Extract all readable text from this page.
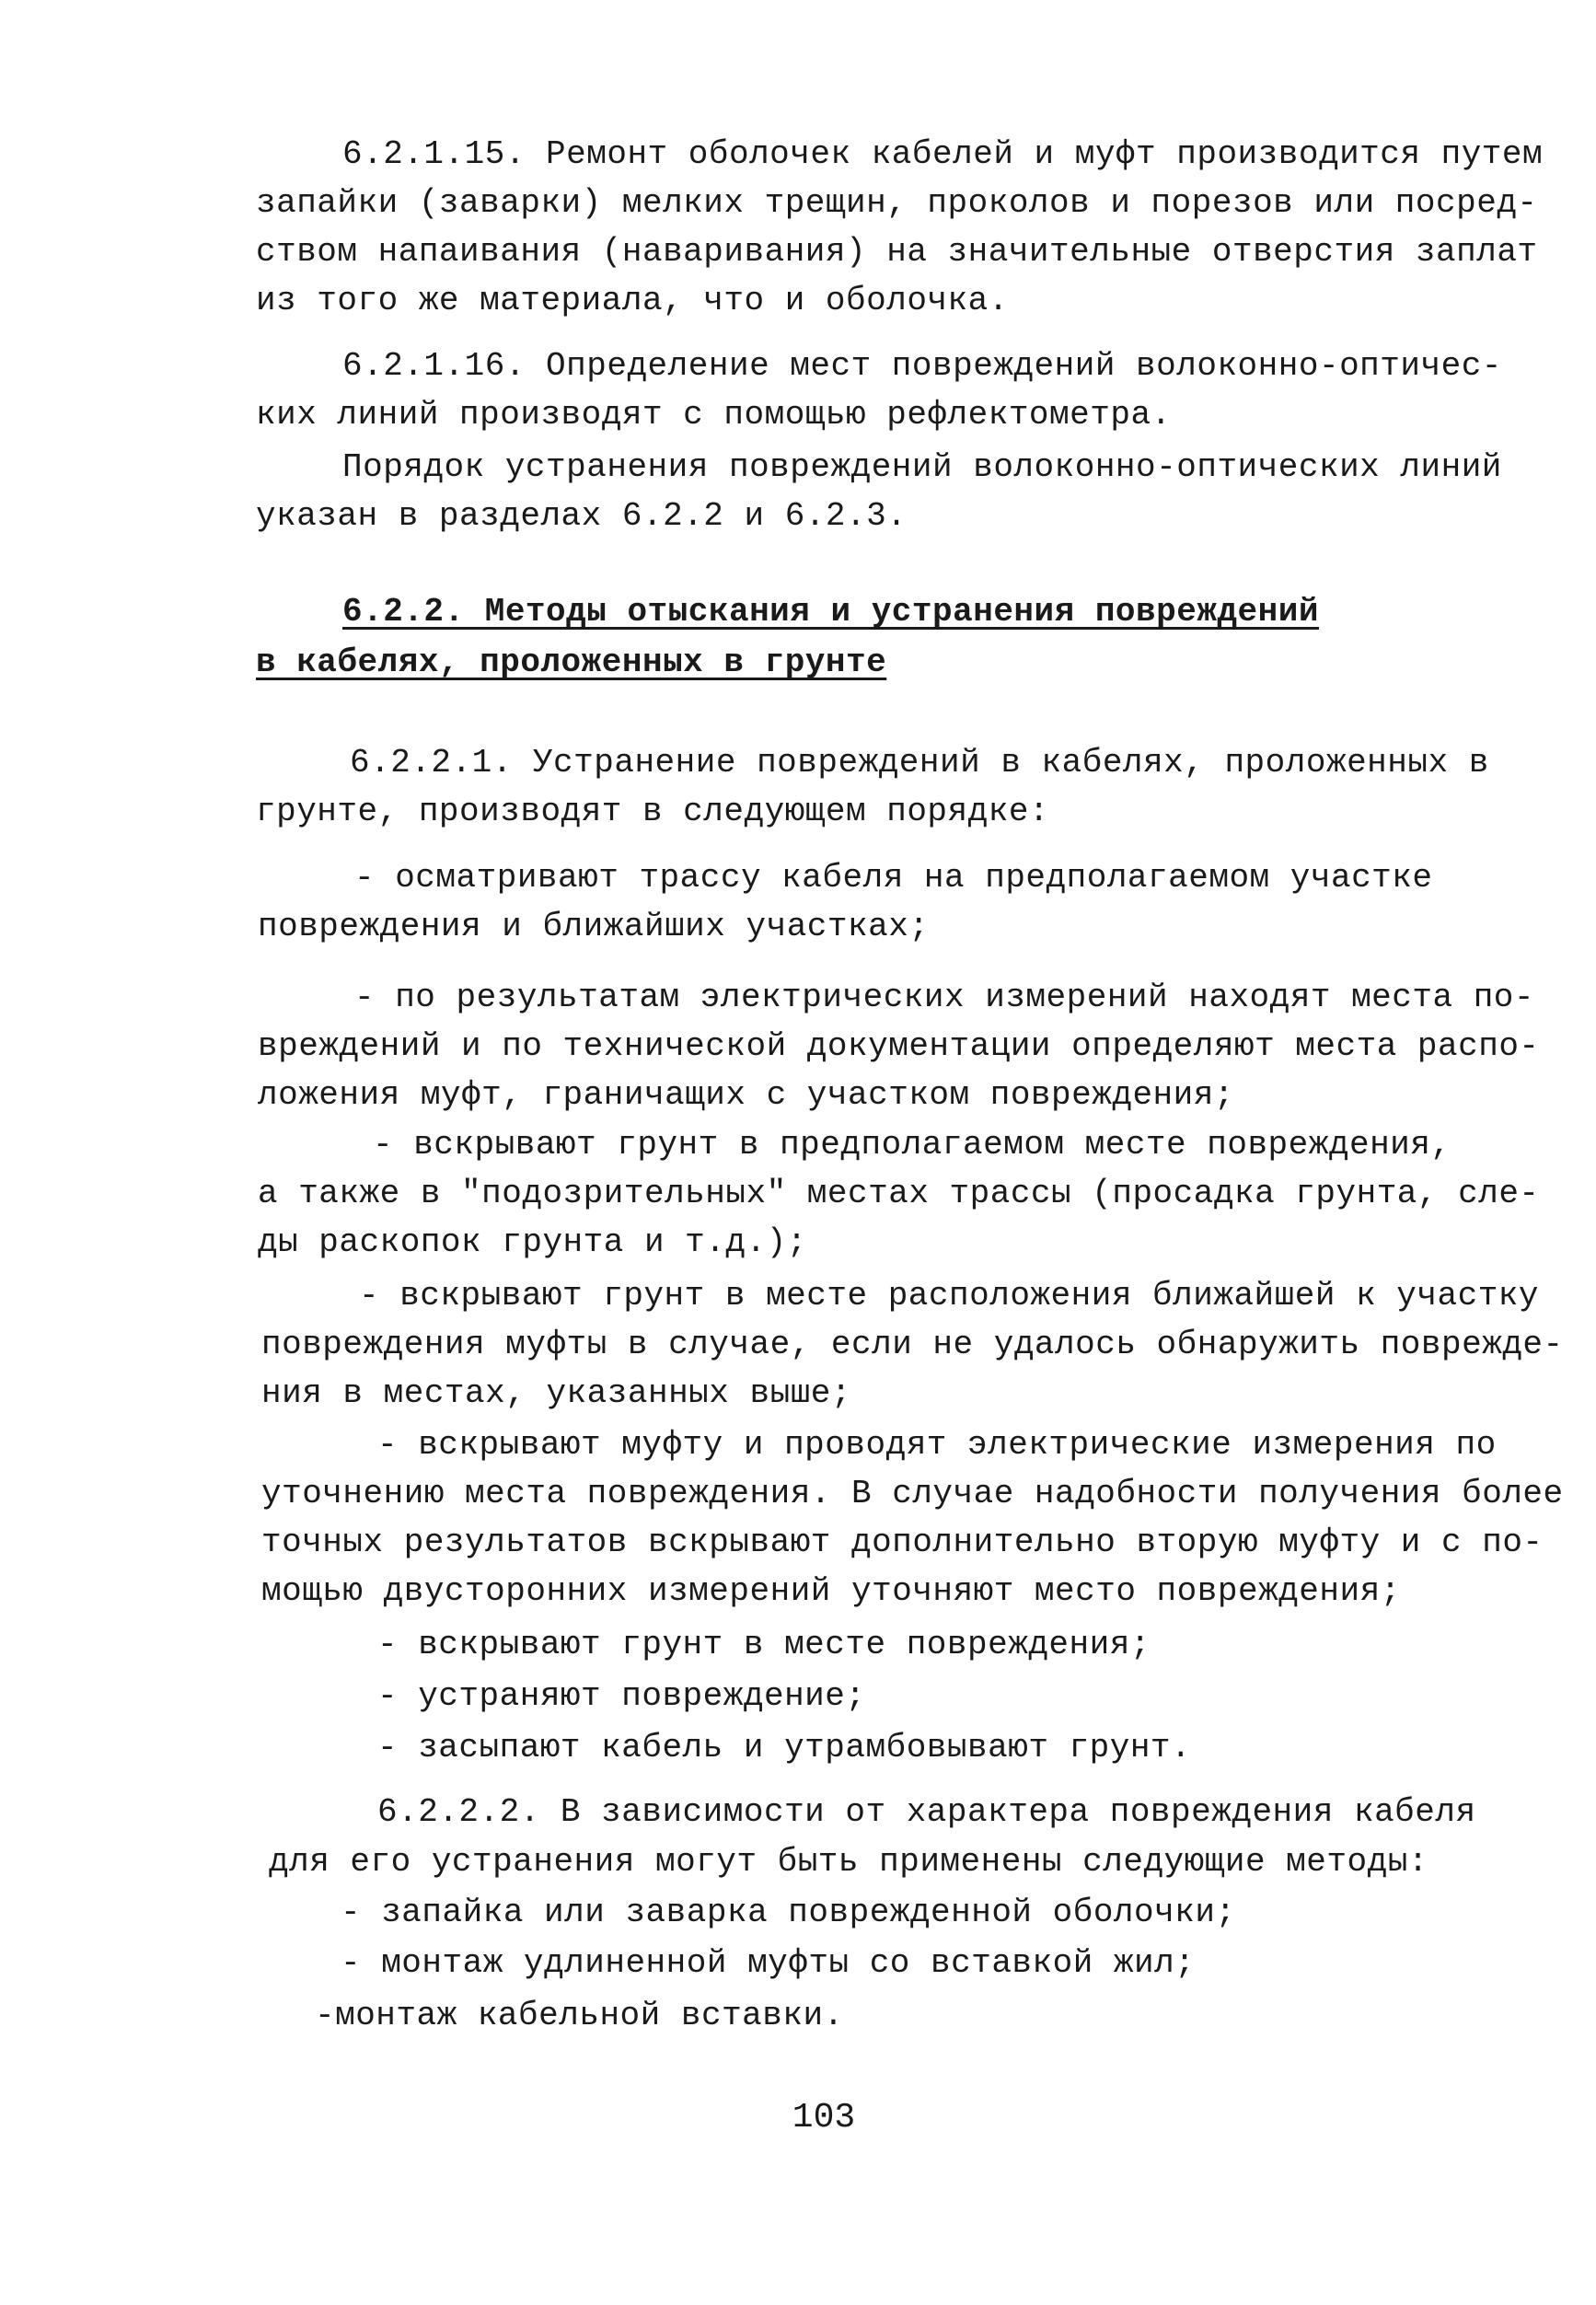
6.2.1.15. Ремонт оболочек кабелей и муфт производится путем
запайки (заварки) мелких трещин, проколов и порезов или посред-
ством напаивания (наваривания) на значительные отверстия заплат
из того же материала, что и оболочка.
6.2.1.16. Определение мест повреждений волоконно-оптичес-
ких линий производят с помощью рефлектометра.
Порядок устранения повреждений волоконно-оптических линий
указан в разделах 6.2.2 и 6.2.3.
6.2.2. Методы отыскания и устранения повреждений
в кабелях, проложенных в грунте
6.2.2.1. Устранение повреждений в кабелях, проложенных в
грунте, производят в следующем порядке:
- осматривают трассу кабеля на предполагаемом участке
повреждения и ближайших участках;
- по результатам электрических измерений находят места по-
вреждений и по технической документации определяют места распо-
ложения муфт, граничащих с участком повреждения;
- вскрывают грунт в предполагаемом месте повреждения,
а также в "подозрительных" местах трассы (просадка грунта, сле-
ды раскопок грунта и т.д.);
- вскрывают грунт в месте расположения ближайшей к участку
повреждения муфты в случае, если не удалось обнаружить поврежде-
ния в местах, указанных выше;
- вскрывают муфту и проводят электрические измерения по
уточнению места повреждения. В случае надобности получения более
точных результатов вскрывают дополнительно вторую муфту и с по-
мощью двусторонних измерений уточняют место повреждения;
- вскрывают грунт в месте повреждения;
- устраняют повреждение;
- засыпают кабель и утрамбовывают грунт.
6.2.2.2. В зависимости от характера повреждения кабеля
для его устранения могут быть применены следующие методы:
- запайка или заварка поврежденной оболочки;
- монтаж удлиненной муфты со вставкой жил;
-монтаж кабельной вставки.
103
